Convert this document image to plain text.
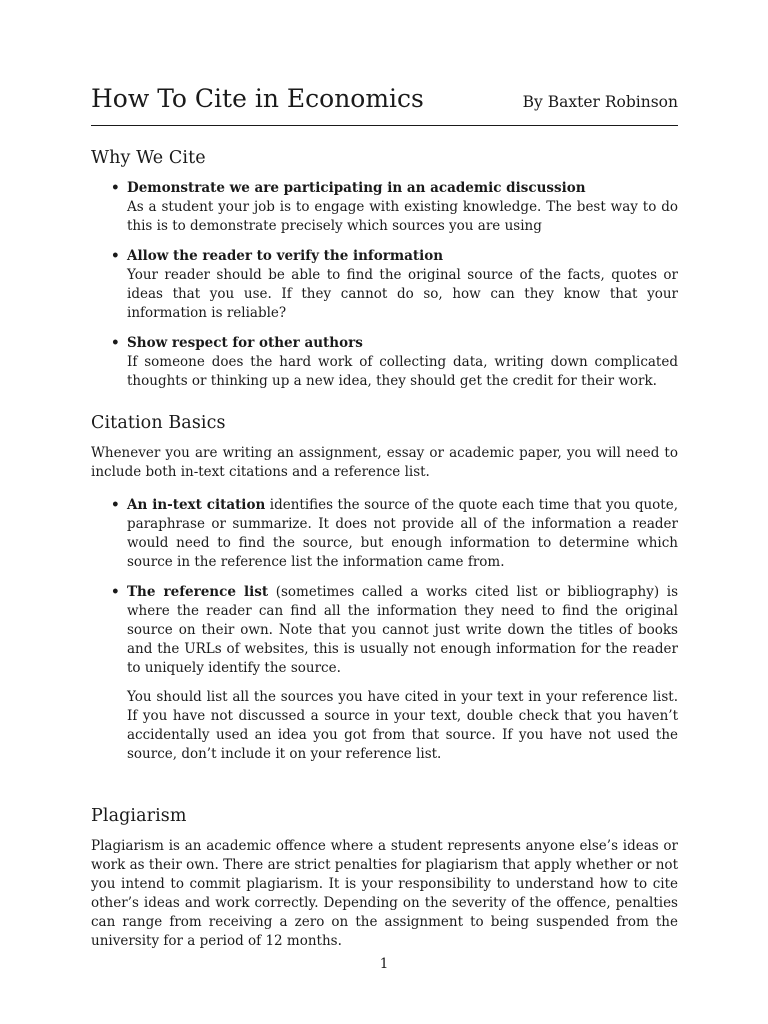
How To Cite in Economics	By Baxter Robinson
Why We Cite
• Demonstrate we are participating in an academic discussion
As a student your job is to engage with existing knowledge. The best way to do this is to demonstrate precisely which sources you are using
• Allow the reader to verify the information
Your reader should be able to find the original source of the facts, quotes or ideas that you use. If they cannot do so, how can they know that your information is reliable?
• Show respect for other authors
If someone does the hard work of collecting data, writing down complicated thoughts or thinking up a new idea, they should get the credit for their work.
Citation Basics

Whenever you are writing an assignment, essay or academic paper, you will need to include both in-text citations and a reference list.

• An in-text citation identifies the source of the quote each time that you quote, paraphrase or summarize. It does not provide all of the information a reader would need to find the source, but enough information to determine which source in the reference list the information came from.
• The reference list (sometimes called a works cited list or bibliography) is where the reader can find all the information they need to find the original source on their own. Note that you cannot just write down the titles of books and the URLs of websites, this is usually not enough information for the reader to uniquely identify the source.
You should list all the sources you have cited in your text in your reference list. If you have not discussed a source in your text, double check that you haven’t accidentally used an idea you got from that source. If you have not used the source, don’t include it on your reference list.
Plagiarism

Plagiarism is an academic offence where a student represents anyone else’s ideas or work as their own. There are strict penalties for plagiarism that apply whether or not you intend to commit plagiarism. It is your responsibility to understand how to cite other’s ideas and work correctly. Depending on the severity of the offence, penalties can range from receiving a zero on the assignment to being suspended from the university for a period of 12 months.

1
